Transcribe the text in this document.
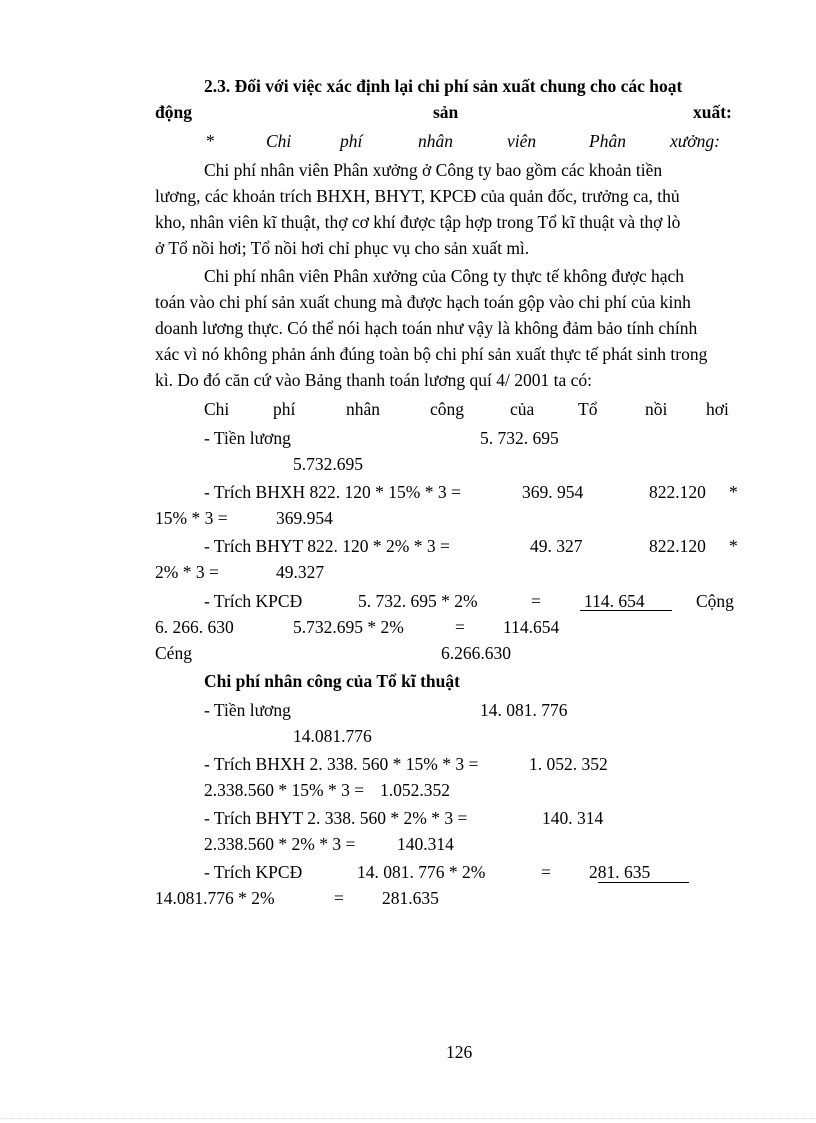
2.3. Đối với việc xác định lại chi phí sản xuất chung cho các hoạt
động	sản	xuất:
*	Chi	phí	nhân	viên	Phân	xưởng:
Chi phí nhân viên Phân xưởng ở Công ty bao gồm các khoản tiền
lương, các khoản trích BHXH, BHYT, KPCĐ của quản đốc, trưởng ca, thủ
kho, nhân viên kĩ thuật, thợ cơ khí được tập hợp trong Tổ kĩ thuật và thợ lò
ở Tổ nồi hơi; Tổ nồi hơi chỉ phục vụ cho sản xuất mì.
Chi phí nhân viên Phân xưởng của Công ty thực tế không được hạch
toán vào chi phí sản xuất chung mà được hạch toán gộp vào chi phí của kinh
doanh lương thực. Có thể nói hạch toán như vậy là không đảm bảo tính chính
xác vì nó không phản ánh đúng toàn bộ chi phí sản xuất thực tế phát sinh trong
kì. Do đó căn cứ vào Bảng thanh toán lương quí 4/ 2001 ta có:
Chi phí	nhân	công	của Tổ	nồi hơi
- Tiền lương	5. 732. 695
5.732.695
- Trích BHXH 822. 120 * 15% * 3 =	369. 954	822.120 *
15% * 3 =	369.954
- Trích BHYT 822. 120 * 2% * 3 =	49. 327	822.120 *
2% * 3 =	49.327
- Trích KPCĐ	5. 732. 695 * 2%	= 114. 654	Cộng
6. 266. 630	5.732.695 * 2%	= 114.654
Céng	6.266.630
Chi phí nhân công của Tổ kĩ thuật
- Tiền lương	14. 081. 776
14.081.776
- Trích BHXH 2. 338. 560 * 15% * 3 =	1. 052. 352
2.338.560 * 15% * 3 = 1.052.352
- Trích BHYT 2. 338. 560 * 2% * 3 =	140. 314
2.338.560 * 2% * 3 = 140.314
- Trích KPCĐ	14. 081. 776 * 2%	= 281. 635
14.081.776 * 2%	= 281.635
126
